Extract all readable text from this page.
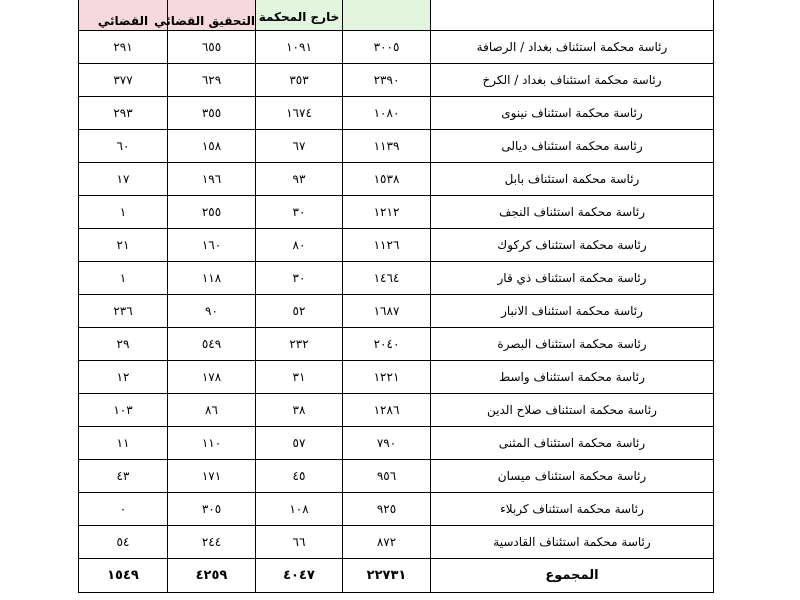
		خارج المحكمة	التحقيق القضائي	القضائي

رئاسة محكمة استئناف بغداد / الرصافة	٣٠٠٥	١٠٩١	٦٥٥	٢٩١
رئاسة محكمة استئناف بغداد / الكرخ	٢٣٩٠	٣٥٣	٦٢٩	٣٧٧
رئاسة محكمة استئناف نينوى	١٠٨٠	١٦٧٤	٣٥٥	٢٩٣
رئاسة محكمة استئناف ديالى	١١٣٩	٦٧	١٥٨	٦٠
رئاسة محكمة استئناف بابل	١٥٣٨	٩٣	١٩٦	١٧
رئاسة محكمة استئناف النجف	١٢١٢	٣٠	٢٥٥	١
رئاسة محكمة استئناف كركوك	١١٢٦	٨٠	١٦٠	٢١
رئاسة محكمة استئناف ذي قار	١٤٦٤	٣٠	١١٨	١
رئاسة محكمة استئناف الانبار	١٦٨٧	٥٢	٩٠	٢٣٦
رئاسة محكمة استئناف البصرة	٢٠٤٠	٢٣٢	٥٤٩	٢٩
رئاسة محكمة استئناف واسط	١٢٢١	٣١	١٧٨	١٢
رئاسة محكمة استئناف صلاح الدين	١٢٨٦	٣٨	٨٦	١٠٣
رئاسة محكمة استئناف المثنى	٧٩٠	٥٧	١١٠	١١
رئاسة محكمة استئناف ميسان	٩٥٦	٤٥	١٧١	٤٣
رئاسة محكمة استئناف كربلاء	٩٢٥	١٠٨	٣٠٥	٠
رئاسة محكمة استئناف القادسية	٨٧٢	٦٦	٢٤٤	٥٤
المجموع	٢٢٧٣١	٤٠٤٧	٤٢٥٩	١٥٤٩
